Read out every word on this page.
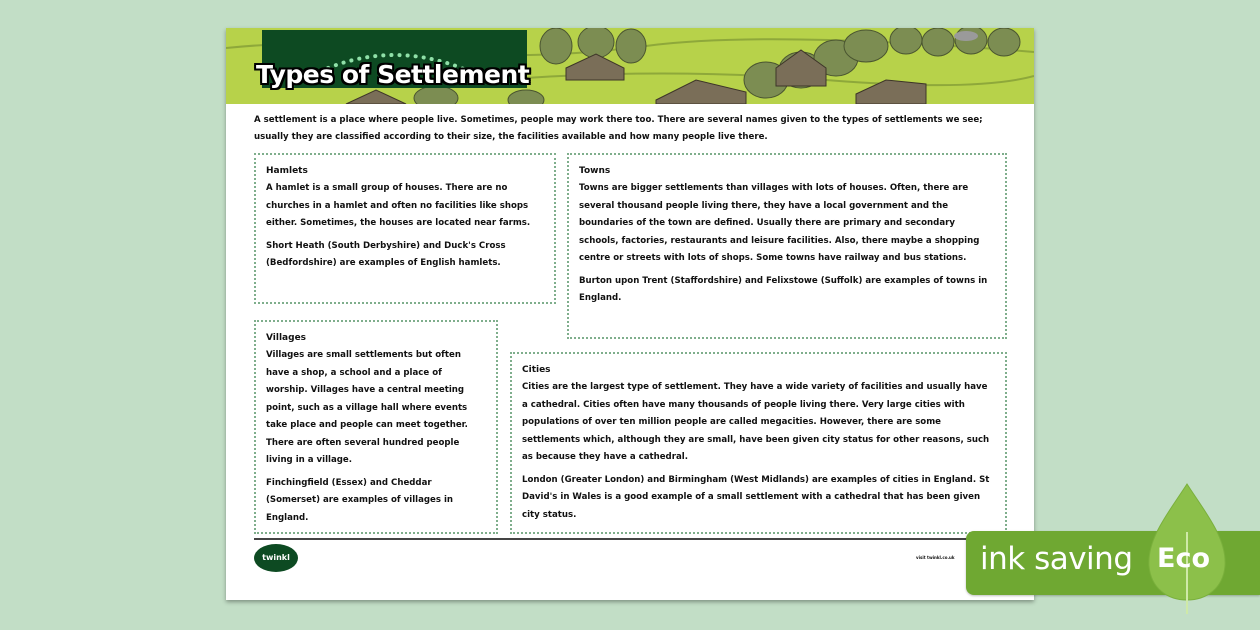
Types of Settlement
A settlement is a place where people live. Sometimes, people may work there too. There are several names given to the types of settlements we see; usually they are classified according to their size, the facilities available and how many people live there.
Hamlets

A hamlet is a small group of houses. There are no churches in a hamlet and often no facilities like shops either. Sometimes, the houses are located near farms.

Short Heath (South Derbyshire) and Duck's Cross (Bedfordshire) are examples of English hamlets.

Towns

Towns are bigger settlements than villages with lots of houses. Often, there are several thousand people living there, they have a local government and the boundaries of the town are defined. Usually there are primary and secondary schools, factories, restaurants and leisure facilities. Also, there maybe a shopping centre or streets with lots of shops. Some towns have railway and bus stations.

Burton upon Trent (Staffordshire) and Felixstowe (Suffolk) are examples of towns in England.

Villages

Villages are small settlements but often have a shop, a school and a place of worship. Villages have a central meeting point, such as a village hall where events take place and people can meet together. There are often several hundred people living in a village.

Finchingfield (Essex) and Cheddar (Somerset) are examples of villages in England.

Cities

Cities are the largest type of settlement. They have a wide variety of facilities and usually have a cathedral. Cities often have many thousands of people living there. Very large cities with populations of over ten million people are called megacities. However, there are some settlements which, although they are small, have been given city status for other reasons, such as because they have a cathedral.

London (Greater London) and Birmingham (West Midlands) are examples of cities in England. St David's in Wales is a good example of a small settlement with a cathedral that has been given city status.

twinkl	visit twinkl.co.uk ink saving Eco
